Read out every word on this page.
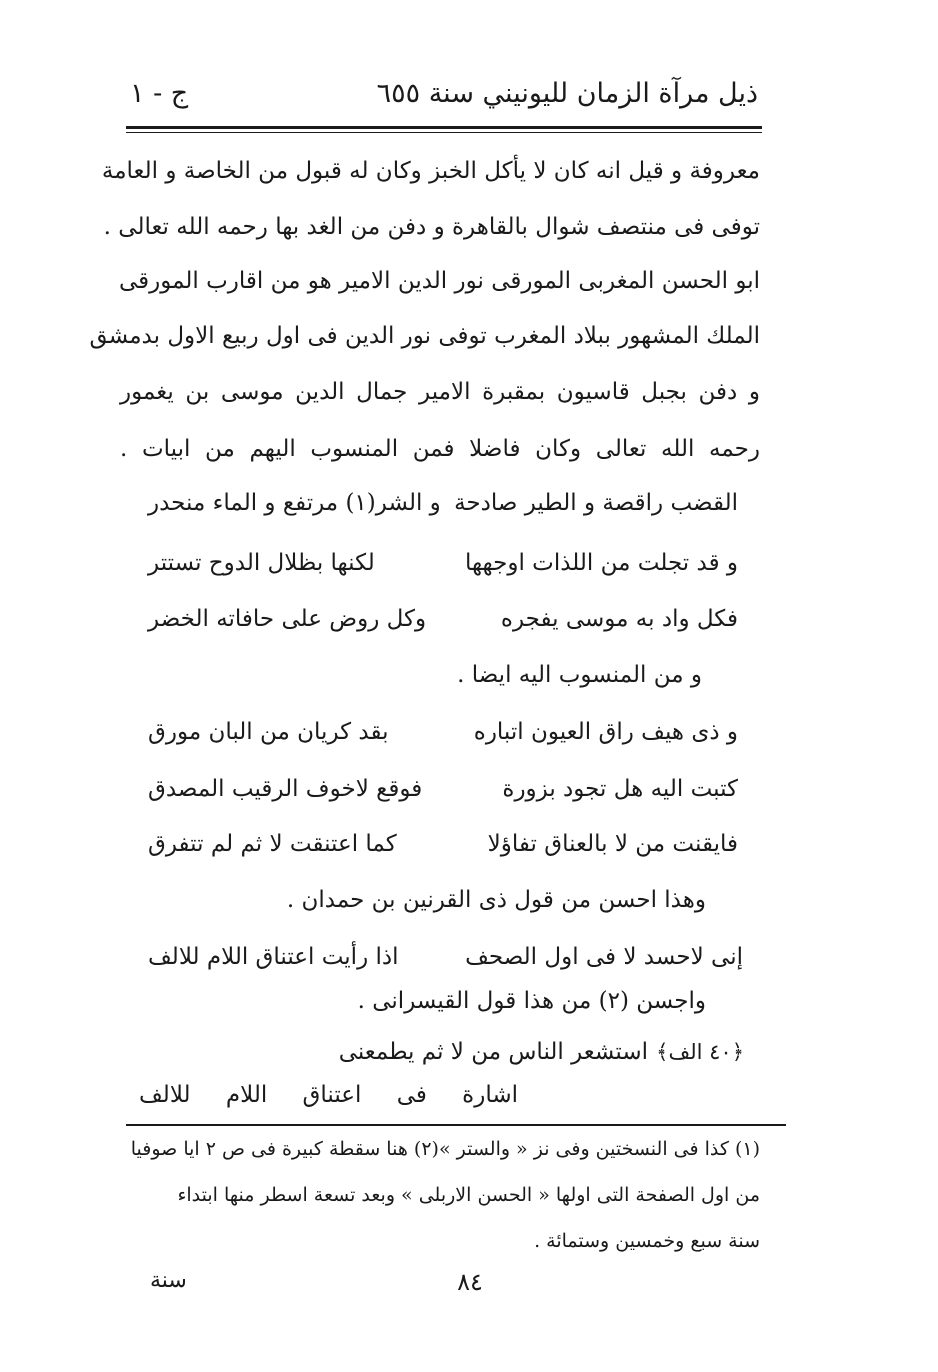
ذيل مرآة الزمان لليونيني سنة ٦٥٥
ج - ١
معروفة و قيل انه كان لا يأكل الخبز وكان له قبول من الخاصة و العامة
توفى فى منتصف شوال بالقاهرة و دفن من الغد بها رحمه الله تعالى .
ابو الحسن المغربى المورقى نور الدين الامير هو من اقارب المورقى
الملك المشهور ببلاد المغرب توفى نور الدين فى اول ربيع الاول بدمشق
و دفن بجبل قاسيون بمقبرة الامير جمال الدين موسى بن يغمور
رحمه الله تعالى وكان فاضلا فمن المنسوب اليهم من ابيات .
القضب راقصة و الطير صادحة
و الشر(١) مرتفع و الماء منحدر
و قد تجلت من اللذات اوجهها
لكنها بظلال الدوح تستتر
فكل واد به موسى يفجره
وكل روض على حافاته الخضر
و من المنسوب اليه ايضا .
و ذى هيف راق العيون اتباره
بقد كريان من البان مورق
كتبت اليه هل تجود بزورة
فوقع لاخوف الرقيب المصدق
فايقنت من لا بالعناق تفاؤلا
كما اعتنقت لا ثم لم تتفرق
وهذا احسن من قول ذى القرنين بن حمدان .
إنى لاحسد لا فى اول الصحف
اذا رأيت اعتناق اللام للالف
واجسن (٢) من هذا قول القيسرانى .
﴿٤٠ الف﴾
استشعر الناس من لا ثم يطمعنى
اشارة فى اعتناق اللام للالف
(١) كذا فى النسختين وفى نز « والستر »(٢) هنا سقطة كبيرة فى ص ٢ ايا صوفيا
من اول الصفحة التى اولها « الحسن الاربلى » وبعد تسعة اسطر منها ابتداء
سنة سبع وخمسين وستمائة .
٨٤
سنة
